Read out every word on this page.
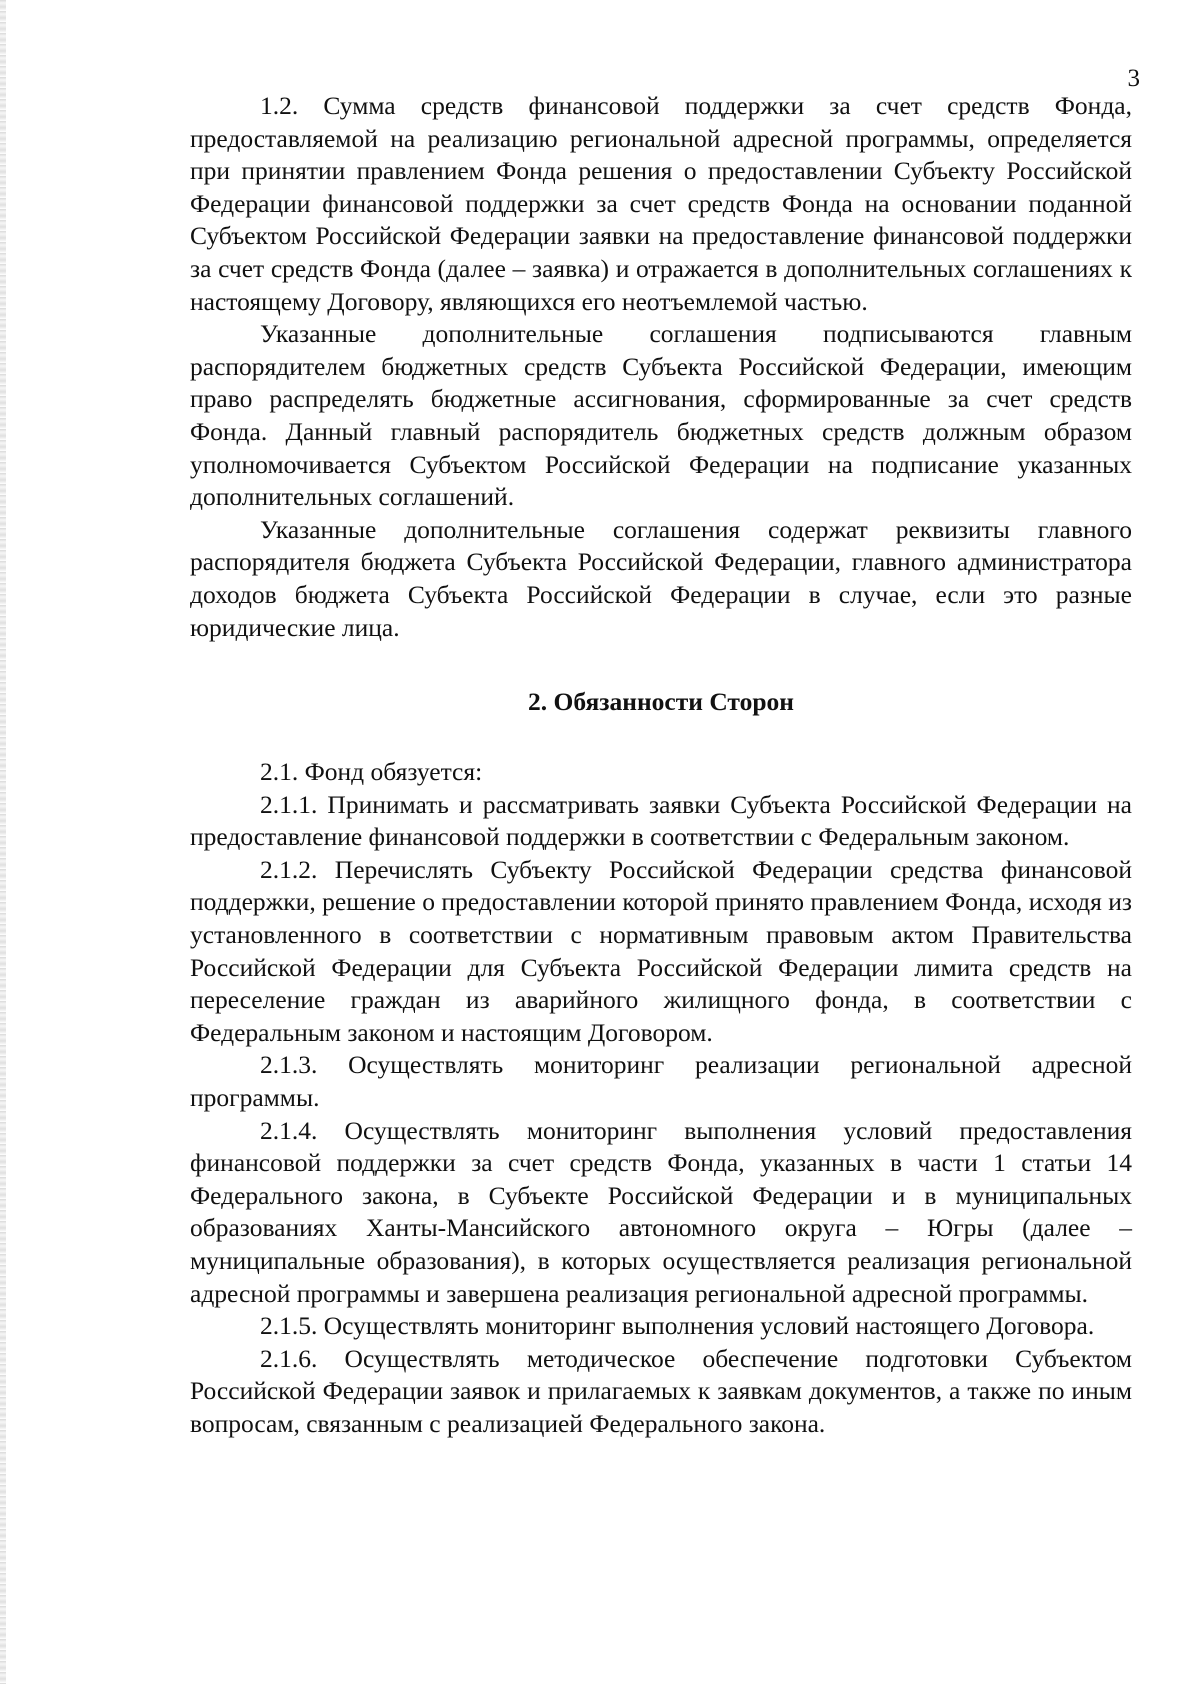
3

1.2. Сумма средств финансовой поддержки за счет средств Фонда, предоставляемой на реализацию региональной адресной программы, определяется при принятии правлением Фонда решения о предоставлении Субъекту Российской Федерации финансовой поддержки за счет средств Фонда на основании поданной Субъектом Российской Федерации заявки на предоставление финансовой поддержки за счет средств Фонда (далее – заявка) и отражается в дополнительных соглашениях к настоящему Договору, являющихся его неотъемлемой частью.

Указанные дополнительные соглашения подписываются главным распорядителем бюджетных средств Субъекта Российской Федерации, имеющим право распределять бюджетные ассигнования, сформированные за счет средств Фонда. Данный главный распорядитель бюджетных средств должным образом уполномочивается Субъектом Российской Федерации на подписание указанных дополнительных соглашений.

Указанные дополнительные соглашения содержат реквизиты главного распорядителя бюджета Субъекта Российской Федерации, главного администратора доходов бюджета Субъекта Российской Федерации в случае, если это разные юридические лица.

2. Обязанности Сторон

2.1. Фонд обязуется:

2.1.1. Принимать и рассматривать заявки Субъекта Российской Федерации на предоставление финансовой поддержки в соответствии с Федеральным законом.

2.1.2. Перечислять Субъекту Российской Федерации средства финансовой поддержки, решение о предоставлении которой принято правлением Фонда, исходя из установленного в соответствии с нормативным правовым актом Правительства Российской Федерации для Субъекта Российской Федерации лимита средств на переселение граждан из аварийного жилищного фонда, в соответствии с Федеральным законом и настоящим Договором.

2.1.3. Осуществлять мониторинг реализации региональной адресной программы.

2.1.4. Осуществлять мониторинг выполнения условий предоставления финансовой поддержки за счет средств Фонда, указанных в части 1 статьи 14 Федерального закона, в Субъекте Российской Федерации и в муниципальных образованиях Ханты-Мансийского автономного округа – Югры (далее – муниципальные образования), в которых осуществляется реализация региональной адресной программы и завершена реализация региональной адресной программы.

2.1.5. Осуществлять мониторинг выполнения условий настоящего Договора.

2.1.6. Осуществлять методическое обеспечение подготовки Субъектом Российской Федерации заявок и прилагаемых к заявкам документов, а также по иным вопросам, связанным с реализацией Федерального закона.
